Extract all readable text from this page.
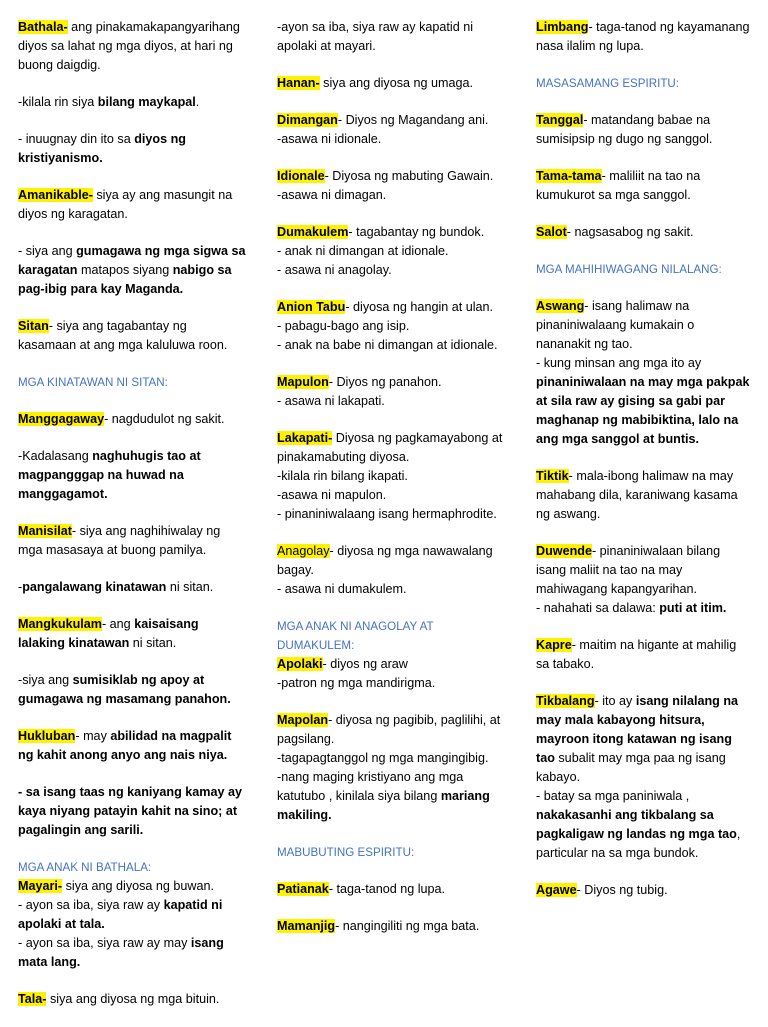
Bathala- ang pinakamakapangyarihang diyos sa lahat ng mga diyos, at hari ng buong daigdig.

-kilala rin siya bilang maykapal.

- inuugnay din ito sa diyos ng kristiyanismo.

Amanikable- siya ay ang masungit na diyos ng karagatan.

- siya ang gumagawa ng mga sigwa sa karagatan matapos siyang nabigo sa pag-ibig para kay Maganda.

Sitan- siya ang tagabantay ng kasamaan at ang mga kaluluwa roon.

MGA KINATAWAN NI SITAN:

Manggagaway- nagdudulot ng sakit.

-Kadalasang naghuhugis tao at magpangggap na huwad na manggagamot.

Manisilat- siya ang naghihiwalay ng mga masasaya at buong pamilya.

-pangalawang kinatawan ni sitan.

Mangkukulam- ang kaisaisang lalaking kinatawan ni sitan.

-siya ang sumisiklab ng apoy at gumagawa ng masamang panahon.

Hukluban- may abilidad na magpalit ng kahit anong anyo ang nais niya.

- sa isang taas ng kaniyang kamay ay kaya niyang patayin kahit na sino; at pagalingin ang sarili.

MGA ANAK NI BATHALA:
Mayari- siya ang diyosa ng buwan.
- ayon sa iba, siya raw ay kapatid ni apolaki at tala.

- ayon sa iba, siya raw ay may isang mata lang.

Tala- siya ang diyosa ng mga bituin.

-ayon sa iba, siya raw ay kapatid ni apolaki at mayari.

Hanan- siya ang diyosa ng umaga.

Dimangan- Diyos ng Magandang ani.
-asawa ni idionale.

Idionale- Diyosa ng mabuting Gawain.
-asawa ni dimagan.

Dumakulem- tagabantay ng bundok.
- anak ni dimangan at idionale.
- asawa ni anagolay.

Anion Tabu- diyosa ng hangin at ulan.
- pabagu-bago ang isip.
- anak na babe ni dimangan at idionale.

Mapulon- Diyos ng panahon.
- asawa ni lakapati.

Lakapati- Diyosa ng pagkamayabong at pinakamabuting diyosa.
-kilala rin bilang ikapati.
-asawa ni mapulon.
- pinaniniwalaang isang hermaphrodite.

Anagolay- diyosa ng mga nawawalang bagay.
- asawa ni dumakulem.

MGA ANAK NI ANAGOLAY AT DUMAKULEM:

Apolaki- diyos ng araw
-patron ng mga mandirigma.

Mapolan- diyosa ng pagibib, paglilihi, at pagsilang.
-tagapagtanggol ng mga mangingibig.
-nang maging kristiyano ang mga katutubo , kinilala siya bilang mariang makiling.

MABUBUTING ESPIRITU:

Patianak- taga-tanod ng lupa.

Mamanjig- nangingiliti ng mga bata.

Limbang- taga-tanod ng kayamanang nasa ilalim ng lupa.

MASASAMANG ESPIRITU:

Tanggal- matandang babae na sumisipsip ng dugo ng sanggol.

Tama-tama- maliliit na tao na kumukurot sa mga sanggol.

Salot- nagsasabog ng sakit.

MGA MAHIHIWAGANG NILALANG:

Aswang- isang halimaw na pinaniniwalaang kumakain o nananakit ng tao.
- kung minsan ang mga ito ay pinaniniwalaan na may mga pakpak at sila raw ay gising sa gabi par maghanap ng mabibiktina, lalo na ang mga sanggol at buntis.

Tiktik- mala-ibong halimaw na may mahabang dila, karaniwang kasama ng aswang.

Duwende- pinaniniwalaan bilang isang maliit na tao na may mahiwagang kapangyarihan.
- nahahati sa dalawa: puti at itim.

Kapre- maitim na higante at mahilig sa tabako.

Tikbalang- ito ay isang nilalang na may mala kabayong hitsura, mayroon itong katawan ng isang tao subalit may mga paa ng isang kabayo.
- batay sa mga paniniwala , nakakasanhi ang tikbalang sa pagkaligaw ng landas ng mga tao, particular na sa mga bundok.

Agawe- Diyos ng tubig.
